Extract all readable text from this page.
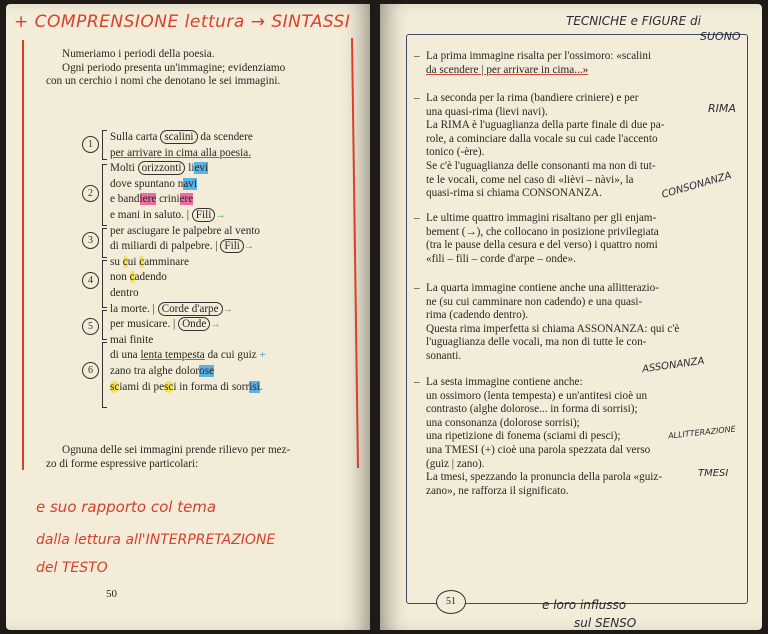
+ COMPRENSIONE lettura → SINTASSI
Numeriamo i periodi della poesia.
Ogni periodo presenta un'immagine; evidenziamo
con un cerchio i nomi che denotano le sei immagini.
1
2
3
4
5
6
Sulla carta scalini da scendere
per arrivare in cima alla poesia.
Molti orizzonti lievi
dove spuntano navi
e bandiere criniere
e mani in saluto. | Fili →
per asciugare le palpebre al vento
di miliardi di palpebre. | Fili →
su cui camminare
non cadendo
dentro
la morte. | Corde d'arpe →
per musicare. | Onde →
mai finite
di una lenta tempesta da cui guiz +
zano tra alghe dolorose
sciami di pesci in forma di sorrisi.
Ognuna delle sei immagini prende rilievo per mez-
zo di forme espressive particolari:
e suo rapporto col tema
dalla lettura all'INTERPRETAZIONE
del TESTO
50
TECNICHE e FIGURE di
SUONO
– La prima immagine risalta per l'ossimoro: «scalini
da scendere | per arrivare in cima...»
– La seconda per la rima (bandiere criniere) e per
una quasi-rima (lievi navi).
La RIMA è l'uguaglianza della parte finale di due pa-
role, a cominciare dalla vocale su cui cade l'accento
tonico (-ère).
Se c'è l'uguaglianza delle consonanti ma non di tut-
te le vocali, come nel caso di «lièvi – nàvi», la
quasi-rima si chiama CONSONANZA.
– Le ultime quattro immagini risaltano per gli enjam-
bement (→), che collocano in posizione privilegiata
(tra le pause della cesura e del verso) i quattro nomi
«fili – fili – corde d'arpe – onde».
– La quarta immagine contiene anche una allitterazio-
ne (su cui camminare non cadendo) e una quasi-
rima (cadendo dentro).
Questa rima imperfetta si chiama ASSONANZA: qui c'è
l'uguaglianza delle vocali, ma non di tutte le con-
sonanti.
– La sesta immagine contiene anche:
un ossimoro (lenta tempesta) e un'antitesi cioè un
contrasto (alghe dolorose... in forma di sorrisi);
una consonanza (dolorose sorrisi);
una ripetizione di fonema (sciami di pesci);
una TMESI (+) cioè una parola spezzata dal verso
(guiz | zano).
La tmesi, spezzando la pronuncia della parola «guiz-
zano», ne rafforza il significato.
RIMA
CONSONANZA
ASSONANZA
ALLITTERAZIONE
TMESI
51	e loro influsso
sul SENSO
